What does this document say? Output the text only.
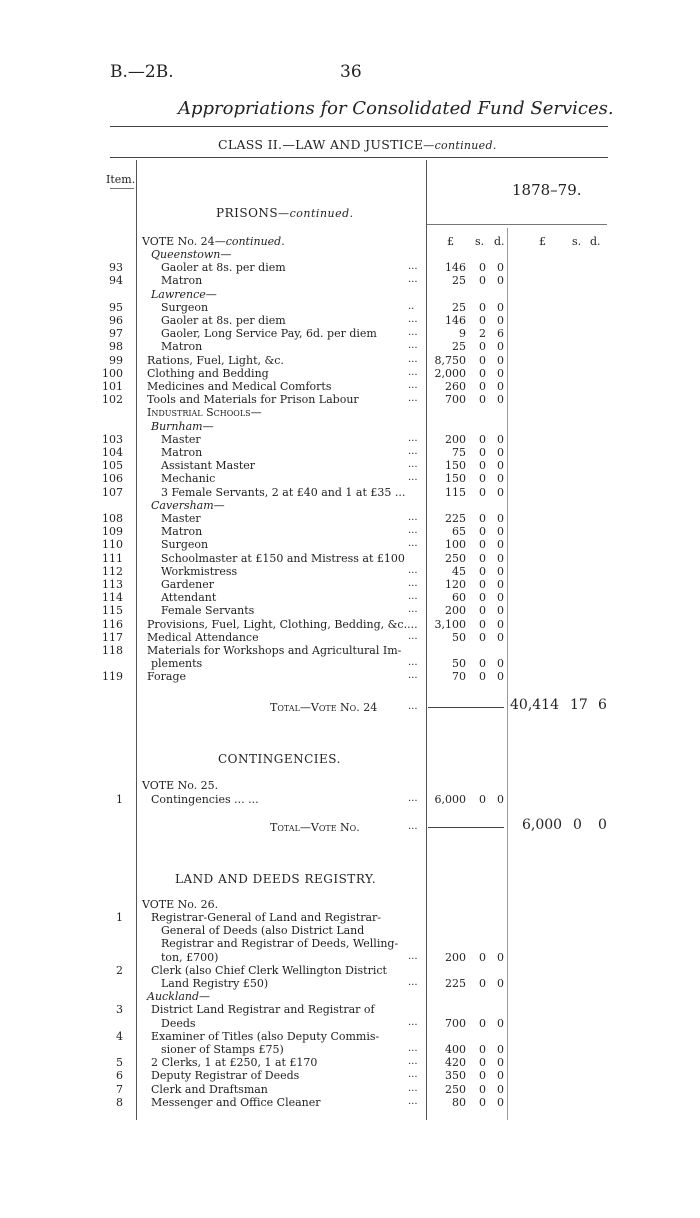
B.—2B.	36
Appropriations for Consolidated Fund Services.
CLASS II.—LAW AND JUSTICE—continued.
Item.
1878–79.
£ s. d.	£ s. d.
PRISONS—continued.
VOTE No. 24—continued.
Queenstown—
93	Gaoler at 8s. per diem	...	146	0	0
94	Matron	...	25	0	0
Lawrence—
95	Surgeon	..	25	0	0
96	Gaoler at 8s. per diem	...	146	0	0
97	Gaoler, Long Service Pay, 6d. per diem	...	9	2	6
98	Matron	...	25	0	0
99 Rations, Fuel, Light, &c.	...	8,750	0	0
100 Clothing and Bedding	...	2,000	0	0
101 Medicines and Medical Comforts	...	260	0	0
102 Tools and Materials for Prison Labour	...	700	0	0
Industrial Schools—
Burnham—
103	Master	...	200	0	0
104	Matron	...	75	0	0
105	Assistant Master	...	150	0	0
106	Mechanic	...	150	0	0
107	3 Female Servants, 2 at £40 and 1 at £35 ...	115	0	0
Caversham—
108	Master	...	225	0	0
109	Matron	...	65	0	0
110	Surgeon	...	100	0	0
111	Schoolmaster at £150 and Mistress at £100	250	0	0
112	Workmistress	...	45	0	0
113	Gardener	...	120	0	0
114	Attendant	...	60	0	0
115	Female Servants	...	200	0	0
116 Provisions, Fuel, Light, Clothing, Bedding, &c....	3,100	0	0
117 Medical Attendance	...	50	0	0
118 Materials for Workshops and Agricultural Im-
plements	...	50	0	0
119 Forage	...	70	0	0
Total—Vote No. 24	...	40,414 17 6
CONTINGENCIES.
VOTE No. 25.
1	Contingencies ... ...	...	6,000	0	0
Total—Vote No.	...	6,000 0 0
LAND AND DEEDS REGISTRY.
VOTE No. 26.
1	Registrar-General of Land and Registrar-
General of Deeds (also District Land
Registrar and Registrar of Deeds, Welling-
ton, £700)	...	200	0	0
2	Clerk (also Chief Clerk Wellington District
Land Registry £50)	...	225	0	0
Auckland—
3	District Land Registrar and Registrar of
Deeds	...	700	0	0
4	Examiner of Titles (also Deputy Commis-
sioner of Stamps £75)	...	400	0	0
5	2 Clerks, 1 at £250, 1 at £170	...	420	0	0
6	Deputy Registrar of Deeds	...	350	0	0
7	Clerk and Draftsman	...	250	0	0
8	Messenger and Office Cleaner	...	80	0	0
